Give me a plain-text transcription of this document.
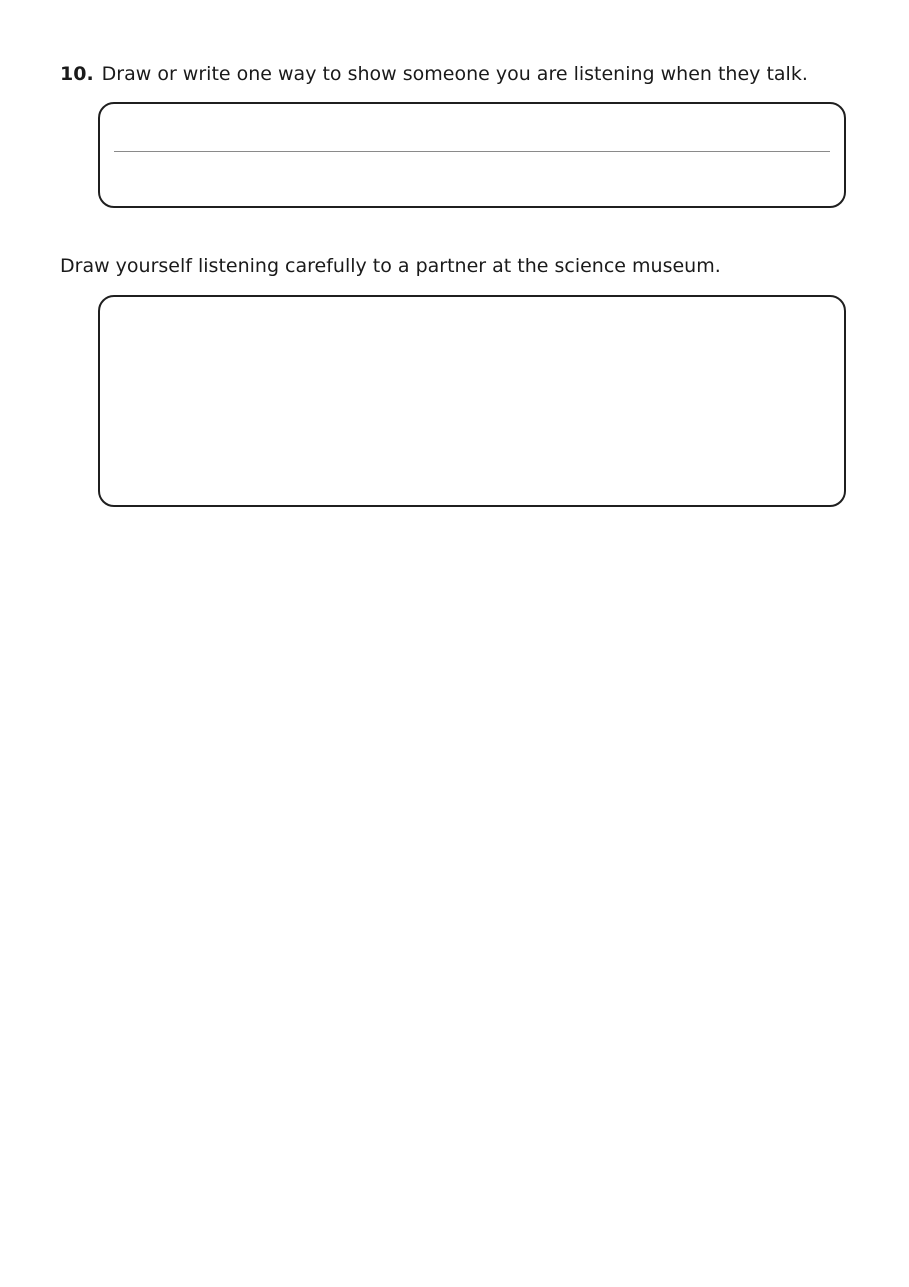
10. Draw or write one way to show someone you are listening when they talk.
Draw yourself listening carefully to a partner at the science museum.
